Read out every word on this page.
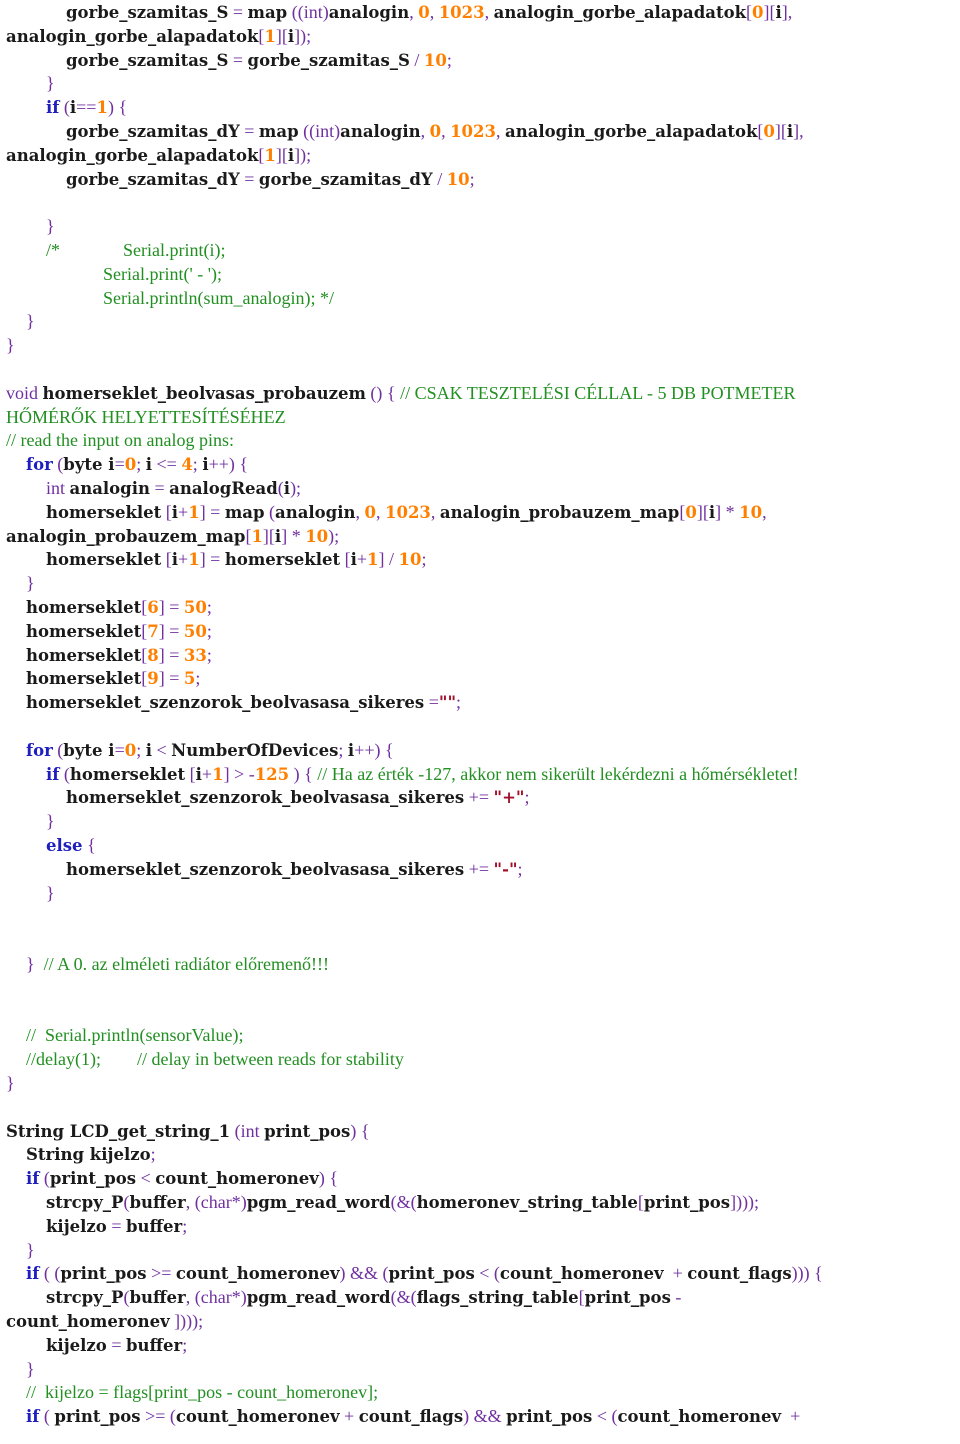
gorbe_szamitas_S = map ((int)analogin, 0, 1023, analogin_gorbe_alapadatok[0][i],
analogin_gorbe_alapadatok[1][i]);
gorbe_szamitas_S = gorbe_szamitas_S / 10;
}
if (i==1) {
gorbe_szamitas_dY = map ((int)analogin, 0, 1023, analogin_gorbe_alapadatok[0][i],
analogin_gorbe_alapadatok[1][i]);
gorbe_szamitas_dY = gorbe_szamitas_dY / 10;
}
/*              Serial.print(i);
Serial.print(' - ');
Serial.println(sum_analogin); */
}
}
void homerseklet_beolvasas_probauzem () { // CSAK TESZTELÉSI CÉLLAL - 5 DB POTMETER
HŐMÉRŐK HELYETTESÍTÉSÉHEZ
// read the input on analog pins:
for (byte i=0; i <= 4; i++) {
int analogin = analogRead(i);
homerseklet [i+1] = map (analogin, 0, 1023, analogin_probauzem_map[0][i] * 10,
analogin_probauzem_map[1][i] * 10);
homerseklet [i+1] = homerseklet [i+1] / 10;
}
homerseklet[6] = 50;
homerseklet[7] = 50;
homerseklet[8] = 33;
homerseklet[9] = 5;
homerseklet_szenzorok_beolvasasa_sikeres ="";
for (byte i=0; i < NumberOfDevices; i++) {
if (homerseklet [i+1] > -125 ) { // Ha az érték -127, akkor nem sikerült lekérdezni a hőmérsékletet!
homerseklet_szenzorok_beolvasasa_sikeres += "+";
}
else {
homerseklet_szenzorok_beolvasasa_sikeres += "-";
}
}  // A 0. az elméleti radiátor előremenő!!!
//  Serial.println(sensorValue);
//delay(1);        // delay in between reads for stability
}
String LCD_get_string_1 (int print_pos) {
String kijelzo;
if (print_pos < count_homeronev) {
strcpy_P(buffer, (char*)pgm_read_word(&(homeronev_string_table[print_pos])));
kijelzo = buffer;
}
if ( (print_pos >= count_homeronev) && (print_pos < (count_homeronev  + count_flags))) {
strcpy_P(buffer, (char*)pgm_read_word(&(flags_string_table[print_pos -
count_homeronev ])));
kijelzo = buffer;
}
//  kijelzo = flags[print_pos - count_homeronev];
if ( print_pos >= (count_homeronev + count_flags) && print_pos < (count_homeronev  +
